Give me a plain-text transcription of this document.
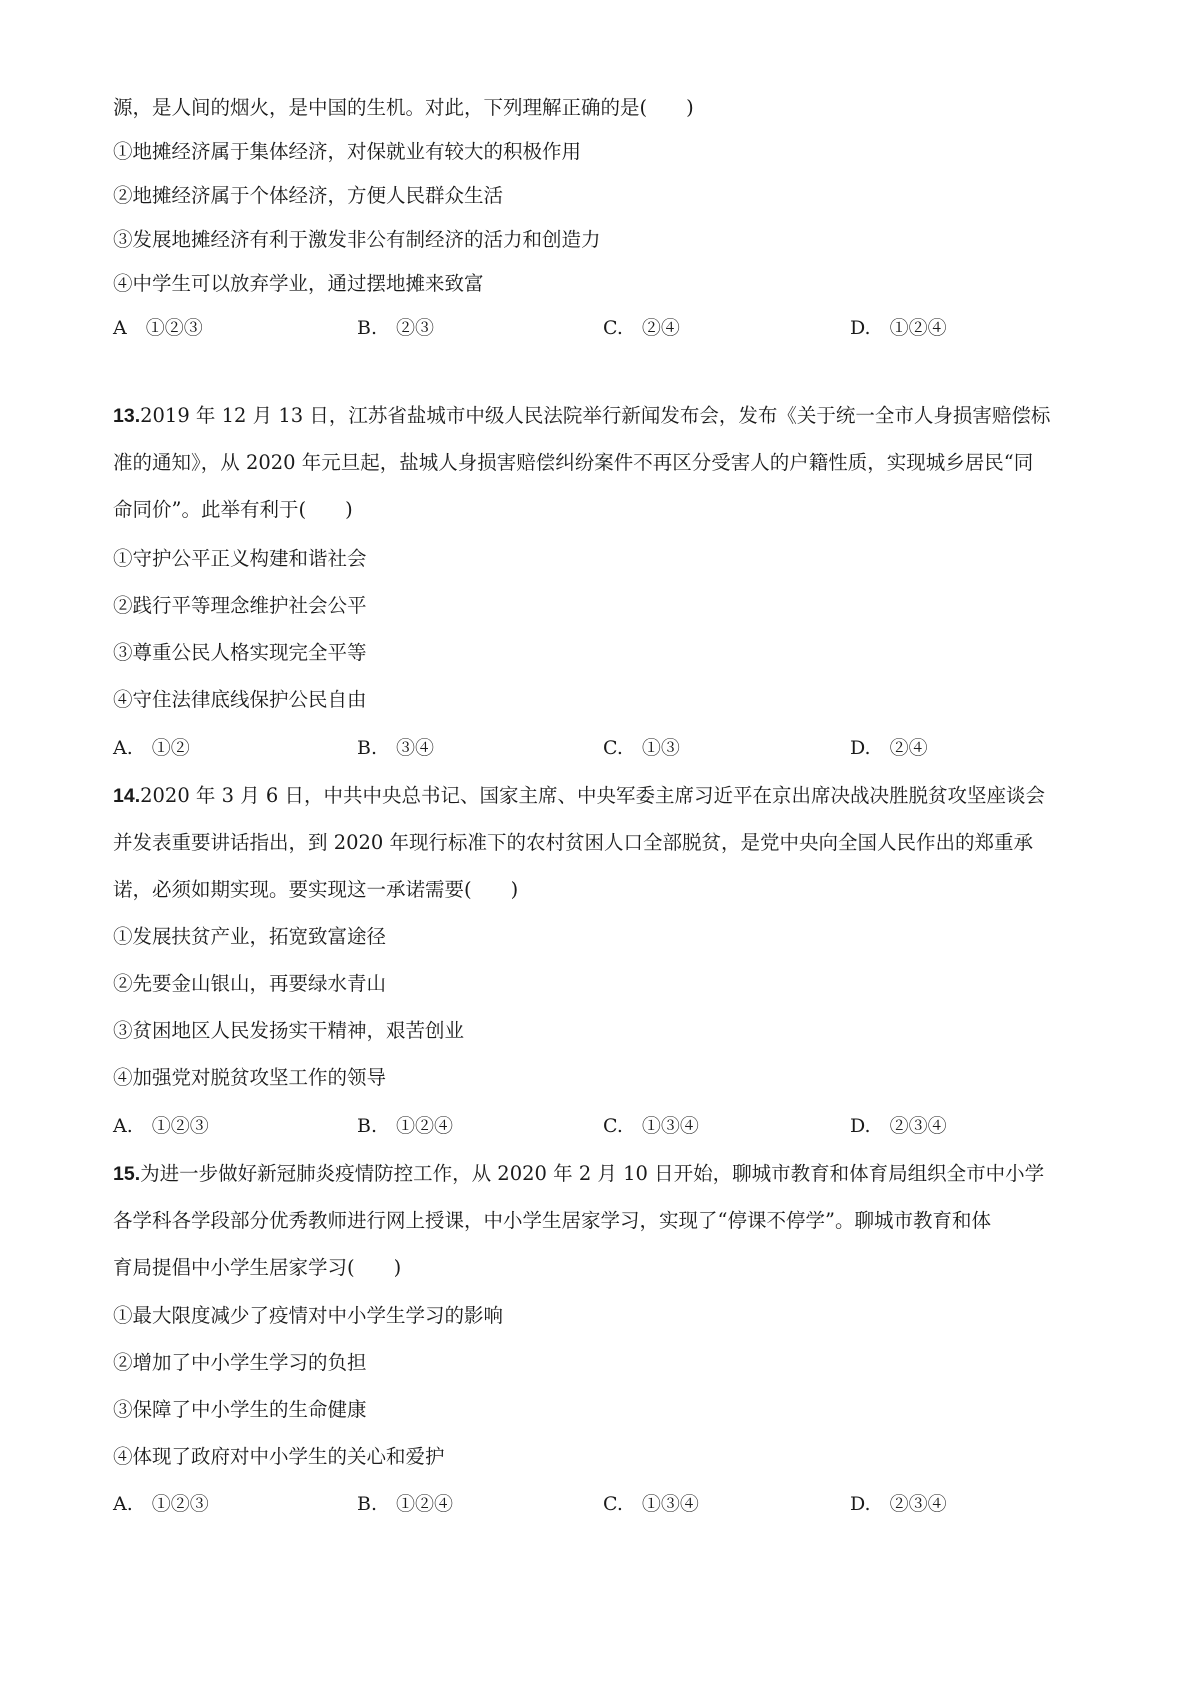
源，是人间的烟火，是中国的生机。对此，下列理解正确的是(　　)
①地摊经济属于集体经济，对保就业有较大的积极作用
②地摊经济属于个体经济，方便人民群众生活
③发展地摊经济有利于激发非公有制经济的活力和创造力
④中学生可以放弃学业，通过摆地摊来致富
A　①②③	B.　②③	C.　②④	D.　①②④
13.2019 年 12 月 13 日，江苏省盐城市中级人民法院举行新闻发布会，发布《关于统一全市人身损害赔偿标
准的通知》，从 2020 年元旦起，盐城人身损害赔偿纠纷案件不再区分受害人的户籍性质，实现城乡居民“同
命同价”。此举有利于(　　)
①守护公平正义构建和谐社会
②践行平等理念维护社会公平
③尊重公民人格实现完全平等
④守住法律底线保护公民自由
A.　①②	B.　③④	C.　①③	D.　②④
14.2020 年 3 月 6 日，中共中央总书记、国家主席、中央军委主席习近平在京出席决战决胜脱贫攻坚座谈会
并发表重要讲话指出，到 2020 年现行标准下的农村贫困人口全部脱贫，是党中央向全国人民作出的郑重承
诺，必须如期实现。要实现这一承诺需要(　　)
①发展扶贫产业，拓宽致富途径
②先要金山银山，再要绿水青山
③贫困地区人民发扬实干精神，艰苦创业
④加强党对脱贫攻坚工作的领导
A.　①②③	B.　①②④	C.　①③④	D.　②③④
15.为进一步做好新冠肺炎疫情防控工作，从 2020 年 2 月 10 日开始，聊城市教育和体育局组织全市中小学
各学科各学段部分优秀教师进行网上授课，中小学生居家学习，实现了“停课不停学”。聊城市教育和体
育局提倡中小学生居家学习(　　)
①最大限度减少了疫情对中小学生学习的影响
②增加了中小学生学习的负担
③保障了中小学生的生命健康
④体现了政府对中小学生的关心和爱护
A.　①②③	B.　①②④	C.　①③④	D.　②③④
